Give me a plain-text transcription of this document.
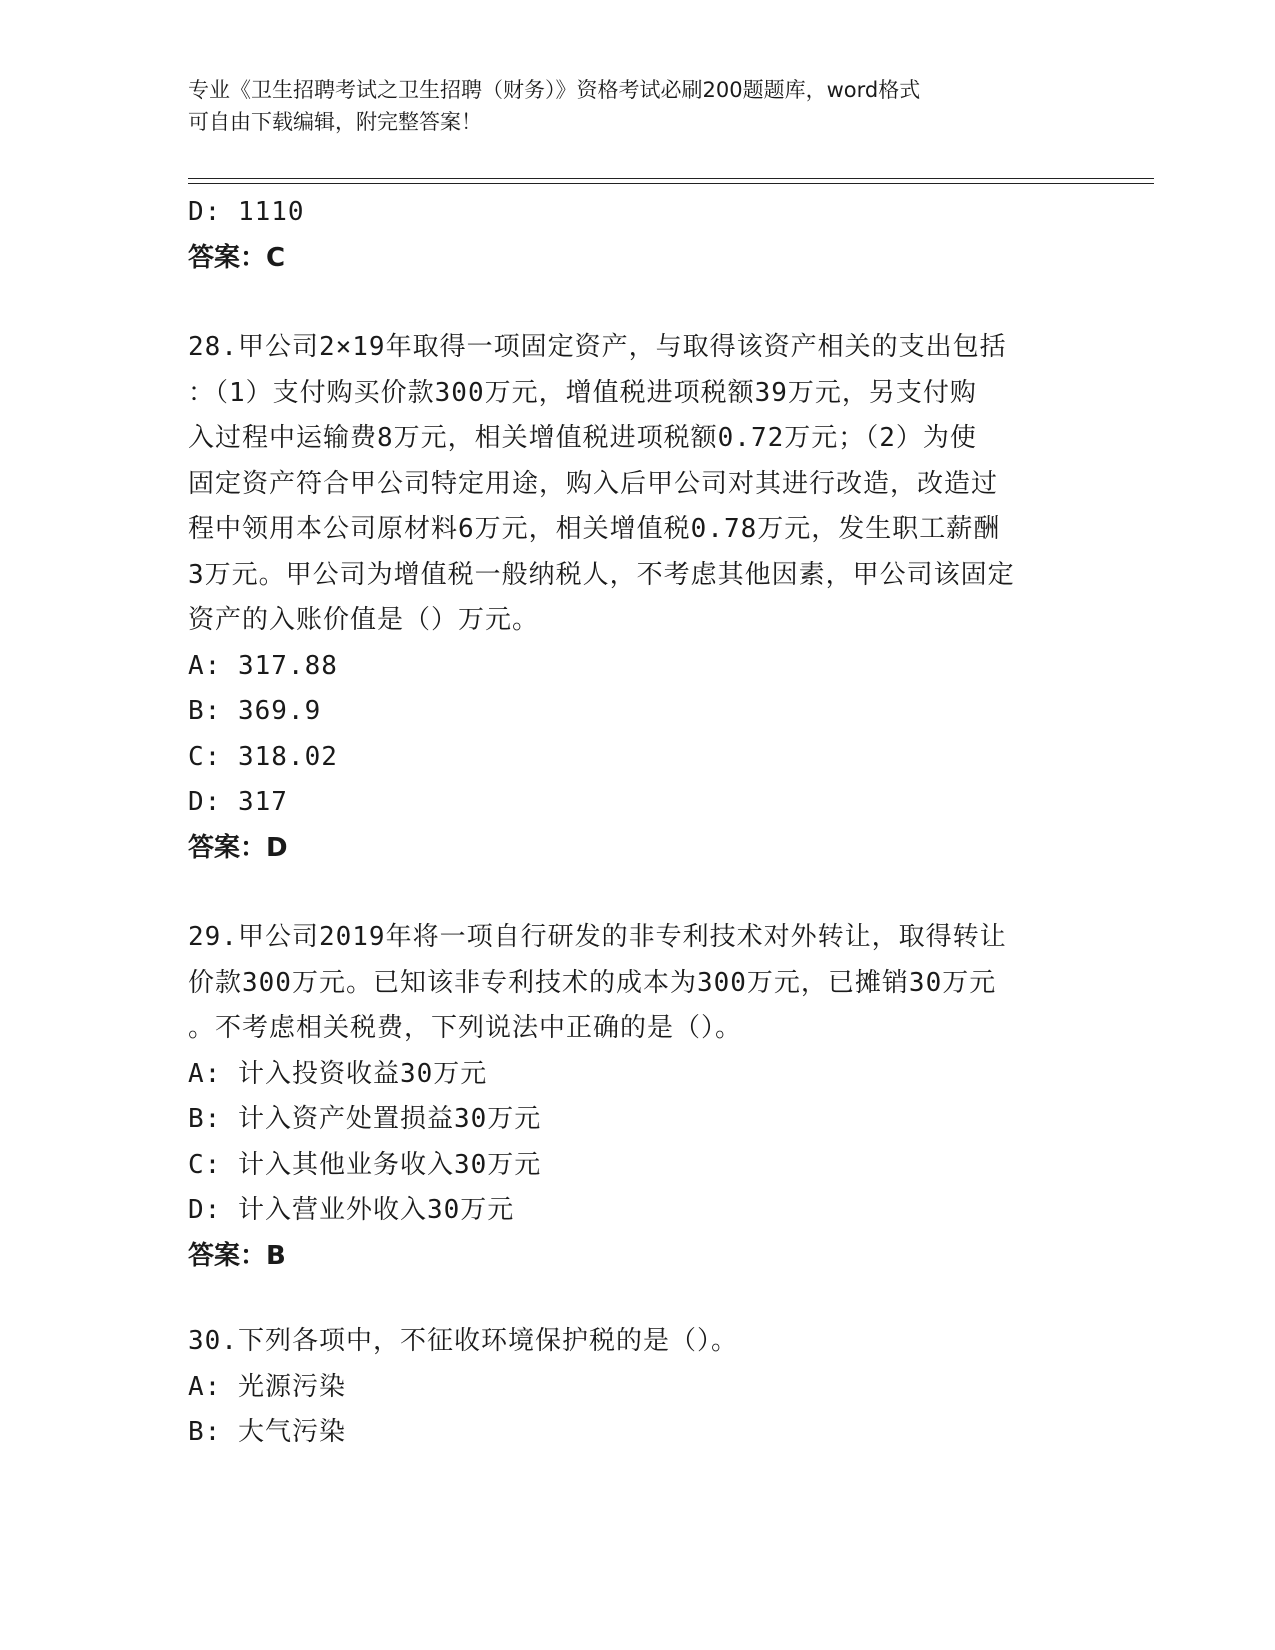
专业《卫生招聘考试之卫生招聘（财务）》资格考试必刷200题题库，word格式
可自由下载编辑，附完整答案！
D: 1110
答案：C
28.甲公司2×19年取得一项固定资产，与取得该资产相关的支出包括
：（1）支付购买价款300万元，增值税进项税额39万元，另支付购
入过程中运输费8万元，相关增值税进项税额0.72万元；（2）为使
固定资产符合甲公司特定用途，购入后甲公司对其进行改造，改造过
程中领用本公司原材料6万元，相关增值税0.78万元，发生职工薪酬
3万元。甲公司为增值税一般纳税人，不考虑其他因素，甲公司该固定
资产的入账价值是（）万元。
A: 317.88
B: 369.9
C: 318.02
D: 317
答案：D
29.甲公司2019年将一项自行研发的非专利技术对外转让，取得转让
价款300万元。已知该非专利技术的成本为300万元，已摊销30万元
。不考虑相关税费，下列说法中正确的是（）。
A: 计入投资收益30万元
B: 计入资产处置损益30万元
C: 计入其他业务收入30万元
D: 计入营业外收入30万元
答案：B
30.下列各项中，不征收环境保护税的是（）。
A: 光源污染
B: 大气污染
